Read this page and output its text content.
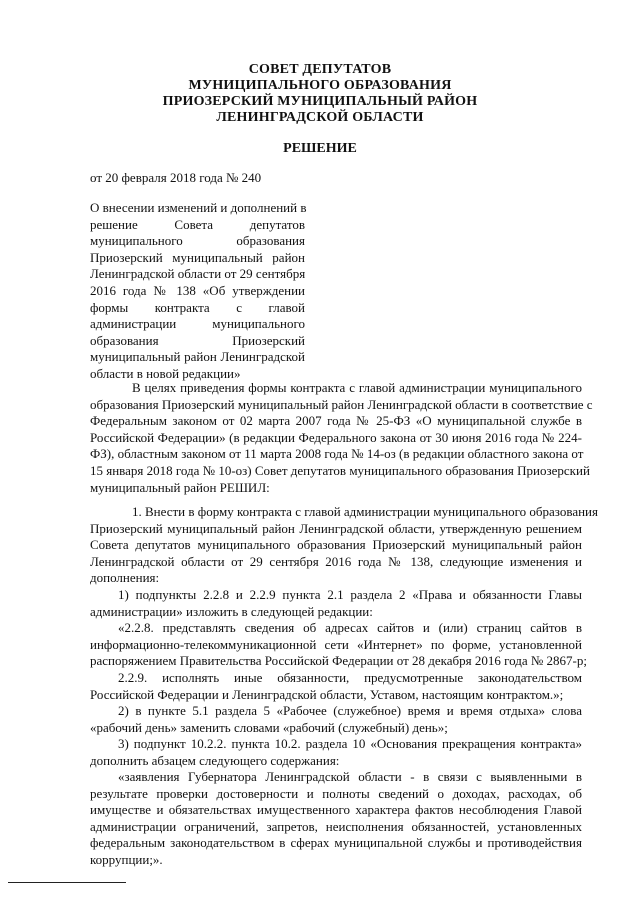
СОВЕТ ДЕПУТАТОВ
МУНИЦИПАЛЬНОГО ОБРАЗОВАНИЯ
ПРИОЗЕРСКИЙ МУНИЦИПАЛЬНЫЙ РАЙОН
ЛЕНИНГРАДСКОЙ ОБЛАСТИ
РЕШЕНИЕ
от 20 февраля 2018 года № 240
О внесении изменений и дополнений в
решение Совета депутатов
муниципального образования
Приозерский муниципальный район
Ленинградской области от 29 сентября
2016 года № 138 «Об утверждении
формы контракта с главой
администрации муниципального
образования Приозерский
муниципальный район Ленинградской
области в новой редакции»
В целях приведения формы контракта с главой администрации муниципального
образования Приозерский муниципальный район Ленинградской области в соответствие с
Федеральным законом от 02 марта 2007 года № 25-ФЗ «О муниципальной службе в
Российской Федерации» (в редакции Федерального закона от 30 июня 2016 года № 224-
ФЗ), областным законом от 11 марта 2008 года № 14-оз (в редакции областного закона от
15 января 2018 года № 10-оз) Совет депутатов муниципального образования Приозерский
муниципальный район РЕШИЛ:
1. Внести в форму контракта с главой администрации муниципального образования
Приозерский муниципальный район Ленинградской области, утвержденную решением
Совета депутатов муниципального образования Приозерский муниципальный район
Ленинградской области от 29 сентября 2016 года № 138, следующие изменения и
дополнения:
1) подпункты 2.2.8 и 2.2.9 пункта 2.1 раздела 2 «Права и обязанности Главы
администрации» изложить в следующей редакции:
«2.2.8. представлять сведения об адресах сайтов и (или) страниц сайтов в
информационно-телекоммуникационной сети «Интернет» по форме, установленной
распоряжением Правительства Российской Федерации от 28 декабря 2016 года № 2867-р;
2.2.9. исполнять иные обязанности, предусмотренные законодательством
Российской Федерации и Ленинградской области, Уставом, настоящим контрактом.»;
2) в пункте 5.1 раздела 5 «Рабочее (служебное) время и время отдыха» слова
«рабочий день» заменить словами «рабочий (служебный) день»;
3) подпункт 10.2.2. пункта 10.2. раздела 10 «Основания прекращения контракта»
дополнить абзацем следующего содержания:
«заявления Губернатора Ленинградской области - в связи с выявленными в
результате проверки достоверности и полноты сведений о доходах, расходах, об
имуществе и обязательствах имущественного характера фактов несоблюдения Главой
администрации ограничений, запретов, неисполнения обязанностей, установленных
федеральным законодательством в сферах муниципальной службы и противодействия
коррупции;».
